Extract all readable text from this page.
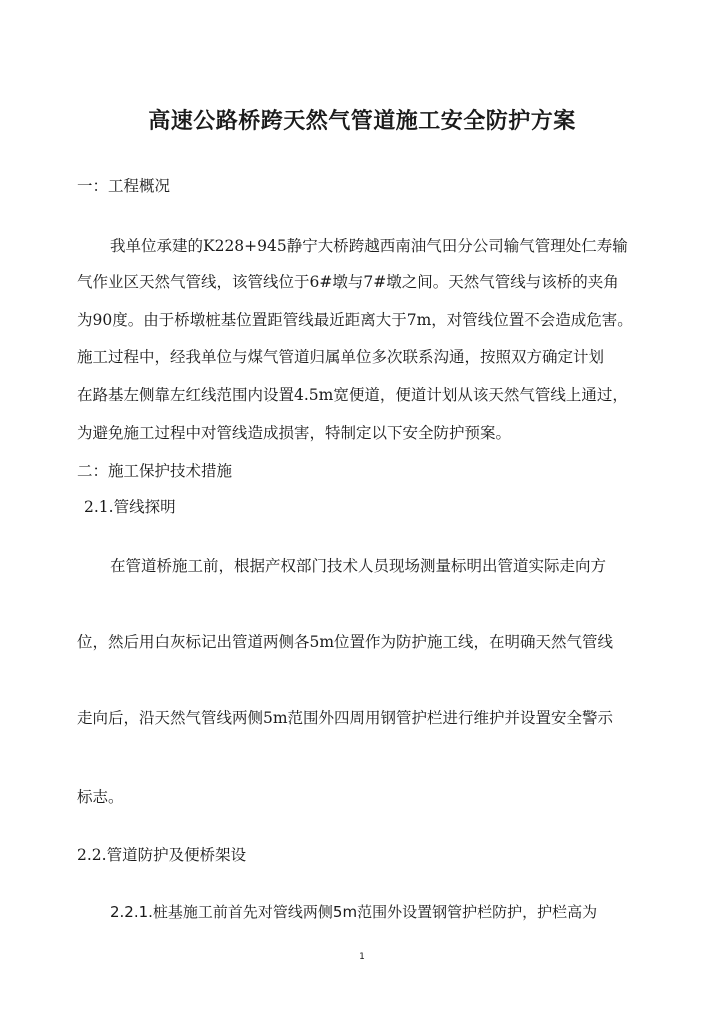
高速公路桥跨天然气管道施工安全防护方案
一：工程概况
我单位承建的K228+945静宁大桥跨越西南油气田分公司输气管理处仁寿输
气作业区天然气管线，该管线位于6#墩与7#墩之间。天然气管线与该桥的夹角
为90度。由于桥墩桩基位置距管线最近距离大于7m，对管线位置不会造成危害。
施工过程中，经我单位与煤气管道归属单位多次联系沟通，按照双方确定计划
在路基左侧靠左红线范围内设置4.5m宽便道，便道计划从该天然气管线上通过，
为避免施工过程中对管线造成损害，特制定以下安全防护预案。
二：施工保护技术措施
2.1.管线探明
在管道桥施工前，根据产权部门技术人员现场测量标明出管道实际走向方
位，然后用白灰标记出管道两侧各5m位置作为防护施工线，在明确天然气管线
走向后，沿天然气管线两侧5m范围外四周用钢管护栏进行维护并设置安全警示
标志。
2.2.管道防护及便桥架设
2.2.1.桩基施工前首先对管线两侧5m范围外设置钢管护栏防护，护栏高为
1
